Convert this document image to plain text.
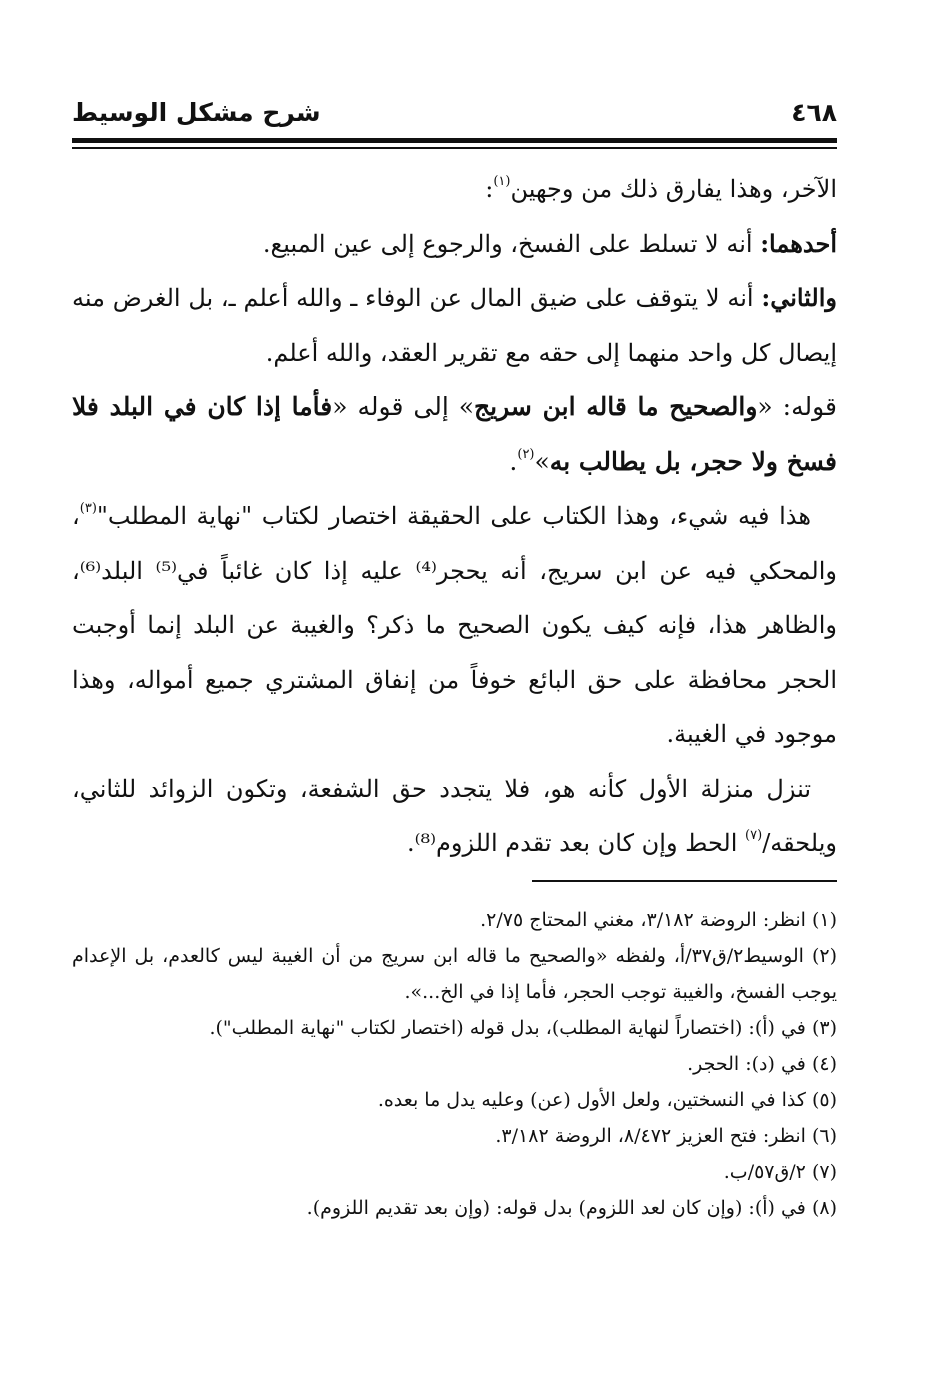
٤٦٨
شرح مشكل الوسيط

الآخر، وهذا يفارق ذلك من وجهين$^{(١)}$:

أحدهما: أنه لا تسلط على الفسخ، والرجوع إلى عين المبيع.

والثاني: أنه لا يتوقف على ضيق المال عن الوفاء ـ والله أعلم ـ، بل الغرض منه إيصال كل واحد منهما إلى حقه مع تقرير العقد، والله أعلم.

قوله: «والصحيح ما قاله ابن سريج» إلى قوله «فأما إذا كان في البلد فلا فسخ ولا حجر، بل يطالب به»$^{(٢)}$.

هذا فيه شيء، وهذا الكتاب على الحقيقة اختصار لكتاب "نهاية المطلب"$^{(٣)}$، والمحكي فيه عن ابن سريج، أنه يحجر⁽⁴⁾ عليه إذا كان غائباً في⁽⁵⁾ البلد⁽⁶⁾، والظاهر هذا، فإنه كيف يكون الصحيح ما ذكر؟ والغيبة عن البلد إنما أوجبت الحجر محافظة على حق البائع خوفاً من إنفاق المشتري جميع أمواله، وهذا موجود في الغيبة.

تنزل منزلة الأول كأنه هو، فلا يتجدد حق الشفعة، وتكون الزوائد للثاني، ويلحقه/$^{(٧)}$ الحط وإن كان بعد تقدم اللزوم⁽⁸⁾.

(١) انظر: الروضة ٣/١٨٢، مغني المحتاج ٢/٧٥.

(٢) الوسيط٢/ق٣٧/أ، ولفظه «والصحيح ما قاله ابن سريج من أن الغيبة ليس كالعدم، بل الإعدام يوجب الفسخ، والغيبة توجب الحجر، فأما إذا في الخ...».

(٣) في (أ): (اختصاراً لنهاية المطلب)، بدل قوله (اختصار لكتاب "نهاية المطلب").

(٤) في (د): الحجر.

(٥) كذا في النسختين، ولعل الأول (عن) وعليه يدل ما بعده.

(٦) انظر: فتح العزيز ٨/٤٧٢، الروضة ٣/١٨٢.

(٧) ٢/ق٥٧/ب.

(٨) في (أ): (وإن كان لعد اللزوم) بدل قوله: (وإن بعد تقديم اللزوم).
